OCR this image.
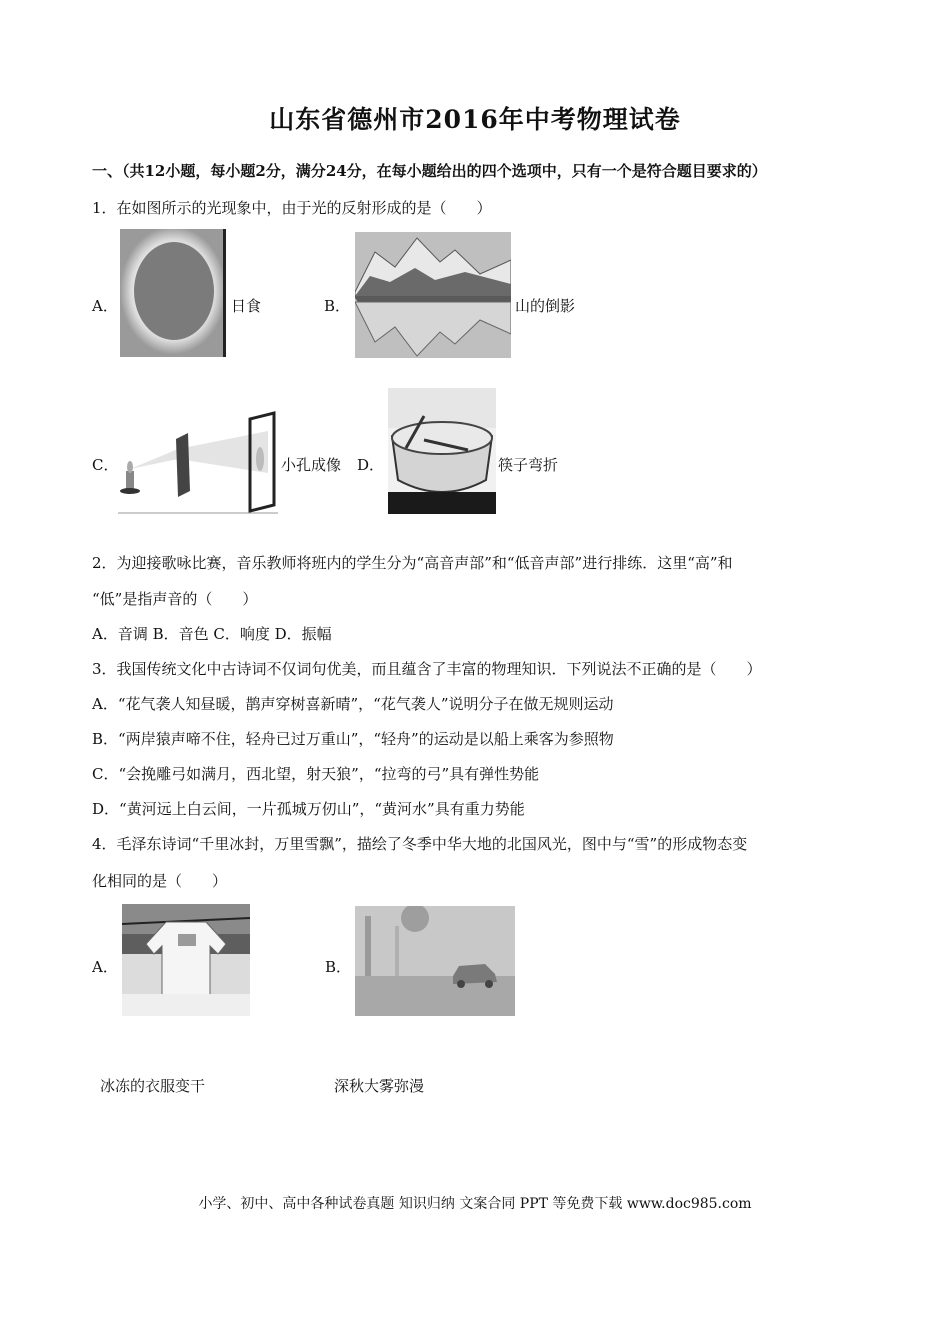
山东省德州市2016年中考物理试卷
一、（共12小题，每小题2分，满分24分，在每小题给出的四个选项中，只有一个是符合题目要求的）
1．在如图所示的光现象中，由于光的反射形成的是（　　）
A．	日食	B．	山的倒影
C．	小孔成像 D．	筷子弯折
2．为迎接歌咏比赛，音乐教师将班内的学生分为“高音声部”和“低音声部”进行排练．这里“高”和
“低”是指声音的（　　）
A．音调 B．音色 C．响度 D．振幅
3．我国传统文化中古诗词不仅词句优美，而且蕴含了丰富的物理知识．下列说法不正确的是（　　）
A．“花气袭人知昼暖，鹊声穿树喜新晴”，“花气袭人”说明分子在做无规则运动
B．“两岸猿声啼不住，轻舟已过万重山”，“轻舟”的运动是以船上乘客为参照物
C．“会挽雕弓如满月，西北望，射天狼”，“拉弯的弓”具有弹性势能
D．“黄河远上白云间，一片孤城万仞山”，“黄河水”具有重力势能
4．毛泽东诗词“千里冰封，万里雪飘”，描绘了冬季中华大地的北国风光，图中与“雪”的形成物态变
化相同的是（　　）
A．	B．
冰冻的衣服变干	深秋大雾弥漫
小学、初中、高中各种试卷真题 知识归纳 文案合同 PPT 等免费下载 www.doc985.com
